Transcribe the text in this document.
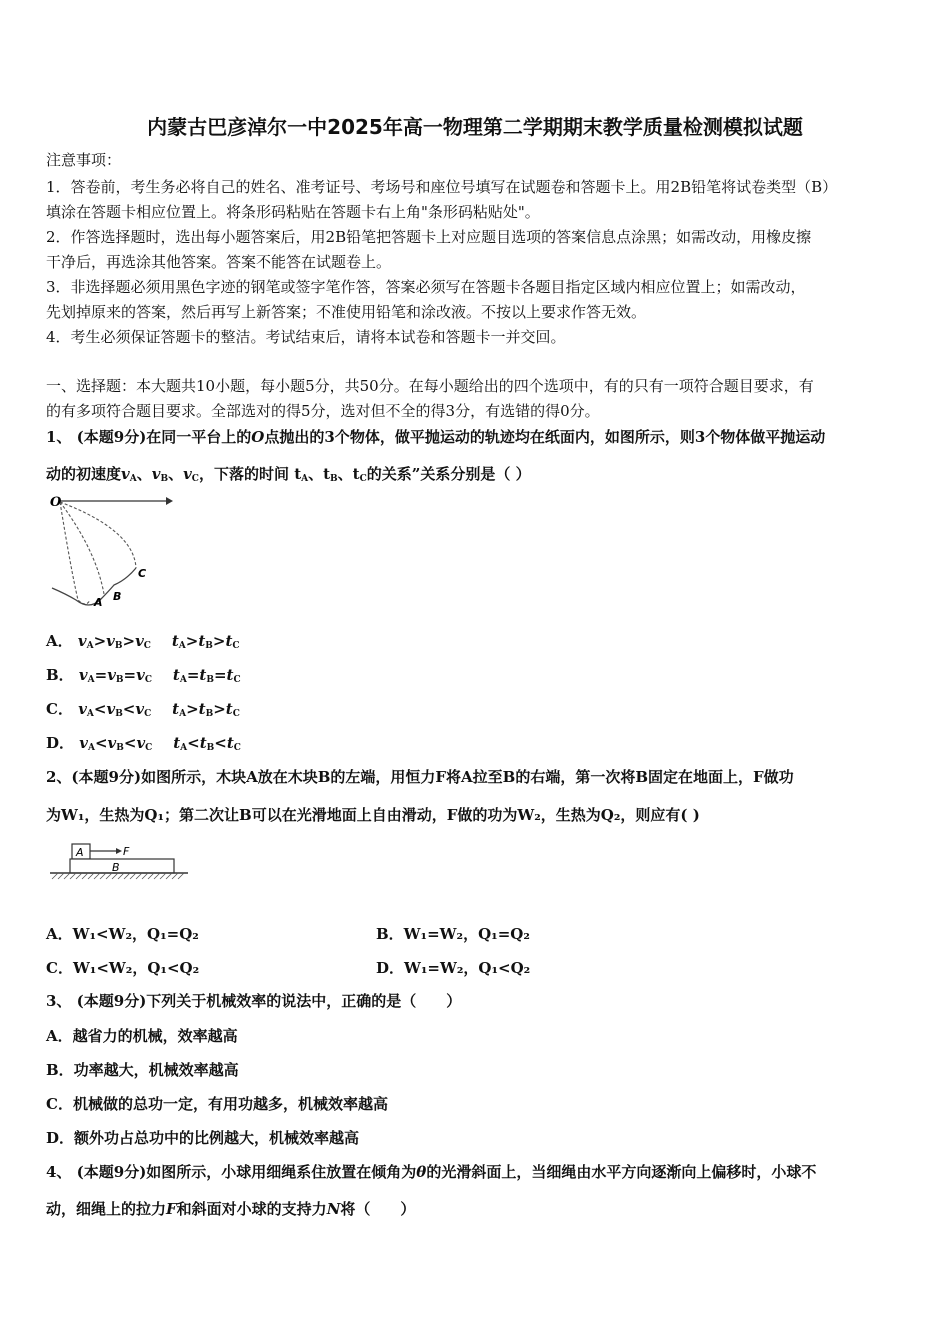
内蒙古巴彦淖尔一中2025年高一物理第二学期期末教学质量检测模拟试题
注意事项：
1．答卷前，考生务必将自己的姓名、准考证号、考场号和座位号填写在试题卷和答题卡上。用2B铅笔将试卷类型（B）
填涂在答题卡相应位置上。将条形码粘贴在答题卡右上角"条形码粘贴处"。
2．作答选择题时，选出每小题答案后，用2B铅笔把答题卡上对应题目选项的答案信息点涂黑；如需改动，用橡皮擦
干净后，再选涂其他答案。答案不能答在试题卷上。
3．非选择题必须用黑色字迹的钢笔或签字笔作答，答案必须写在答题卡各题目指定区域内相应位置上；如需改动，
先划掉原来的答案，然后再写上新答案；不准使用铅笔和涂改液。不按以上要求作答无效。
4．考生必须保证答题卡的整洁。考试结束后，请将本试卷和答题卡一并交回。
一、选择题：本大题共10小题，每小题5分，共50分。在每小题给出的四个选项中，有的只有一项符合题目要求，有
的有多项符合题目要求。全部选对的得5分，选对但不全的得3分，有选错的得0分。
1、 (本题9分)在同一平台上的O点抛出的3个物体，做平抛运动的轨迹均在纸面内，如图所示，则3个物体做平抛运动
动的初速度$v_A$、$v_B$、$v_C$，下落的时间 $t_A$、$t_B$、$t_C$的关系”关系分别是（ ）
O
A B
C
A． $v_A>v_B>v_C$ $t_A>t_B>t_C$
B． $v_A=v_B=v_C$ $t_A=t_B=t_C$
C． $v_A<v_B<v_C$ $t_A>t_B>t_C$
D． $v_A<v_B<v_C$ $t_A<t_B<t_C$
2、(本题9分)如图所示，木块A放在木块B的左端，用恒力F将A拉至B的右端，第一次将B固定在地面上，F做功
为W₁，生热为Q₁；第二次让B可以在光滑地面上自由滑动，F做的功为W₂，生热为Q₂，则应有( )
A	F
B
A．W₁<W₂，Q₁=Q₂	B．W₁=W₂，Q₁=Q₂
C．W₁<W₂，Q₁<Q₂	D．W₁=W₂，Q₁<Q₂
3、 (本题9分)下列关于机械效率的说法中，正确的是（　　）
A．越省力的机械，效率越高
B．功率越大，机械效率越高
C．机械做的总功一定，有用功越多，机械效率越高
D．额外功占总功中的比例越大，机械效率越高
4、 (本题9分)如图所示，小球用细绳系住放置在倾角为θ的光滑斜面上，当细绳由水平方向逐渐向上偏移时，小球不
动，细绳上的拉力F和斜面对小球的支持力N将（　　）
